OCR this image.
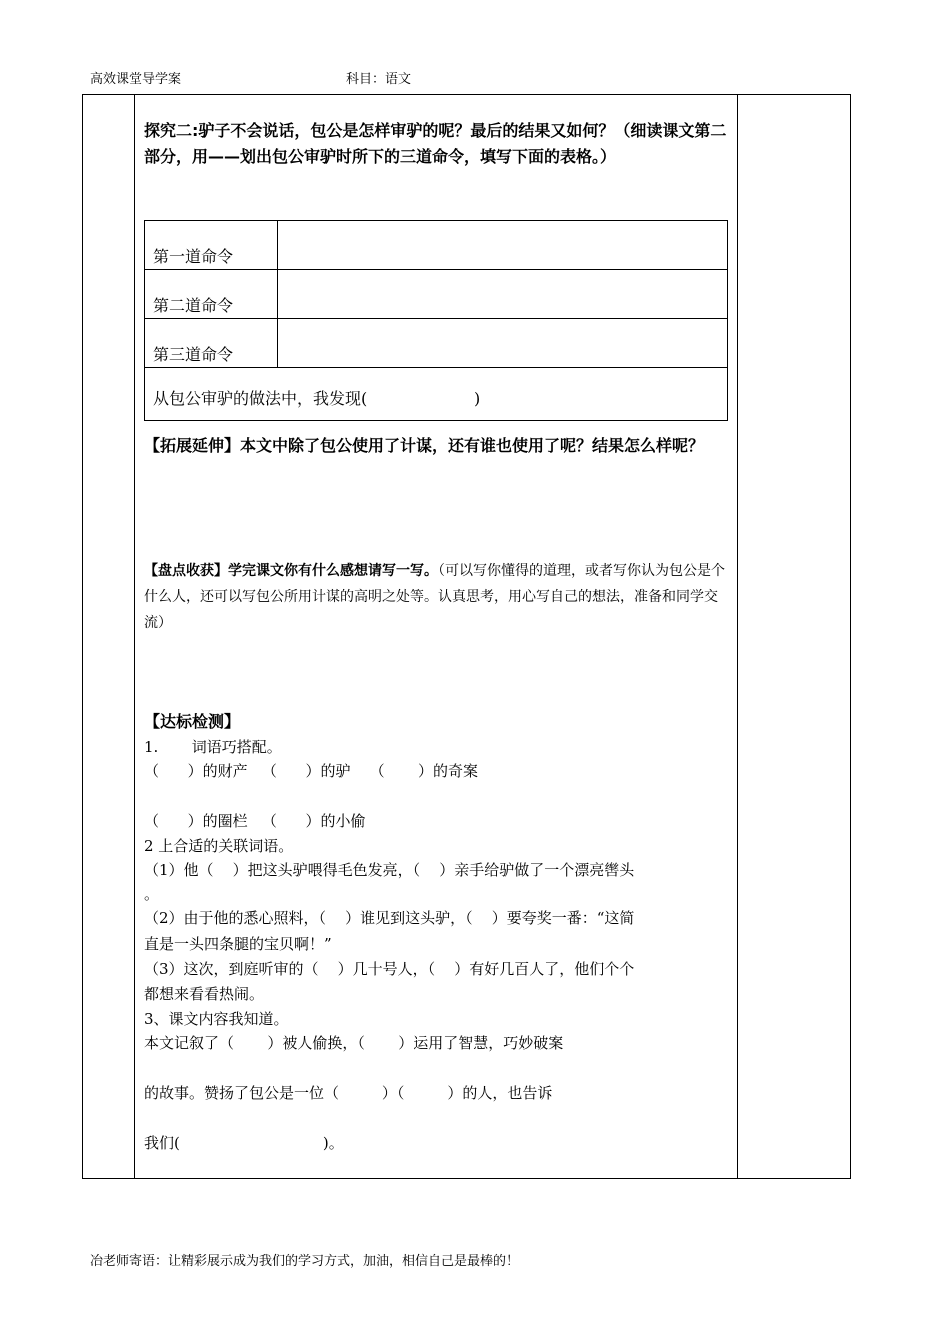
高效课堂导学案	科目：语文
探究二:驴子不会说话，包公是怎样审驴的呢？最后的结果又如何？（细读课文第二部分，用——划出包公审驴时所下的三道命令，填写下面的表格。）
第一道命令	
第二道命令	
第三道命令	
从包公审驴的做法中，我发现(                     )	
【拓展延伸】本文中除了包公使用了计谋，还有谁也使用了呢？结果怎么样呢？
【盘点收获】学完课文你有什么感想请写一写。（可以写你懂得的道理，或者写你认为包公是个什么人，还可以写包公所用计谋的高明之处等。认真思考，用心写自己的想法，准备和同学交流）
【达标检测】
1.       词语巧搭配。
（      ）的财产   （      ）的驴    （       ）的奇案
（      ）的圈栏   （      ）的小偷
2 上合适的关联词语。
（1）他（    ）把这头驴喂得毛色发亮，（    ）亲手给驴做了一个漂亮辔头
。
（2）由于他的悉心照料，（    ）谁见到这头驴，（    ）要夸奖一番：“这简
直是一头四条腿的宝贝啊！”
（3）这次，到庭听审的（    ）几十号人，（    ）有好几百人了，他们个个
都想来看看热闹。
3、课文内容我知道。
本文记叙了（       ）被人偷换，（       ）运用了智慧，巧妙破案
的故事。赞扬了包公是一位（         ）（         ）的人，也告诉
我们(                              )。
冶老师寄语：让精彩展示成为我们的学习方式，加油，相信自己是最棒的！
